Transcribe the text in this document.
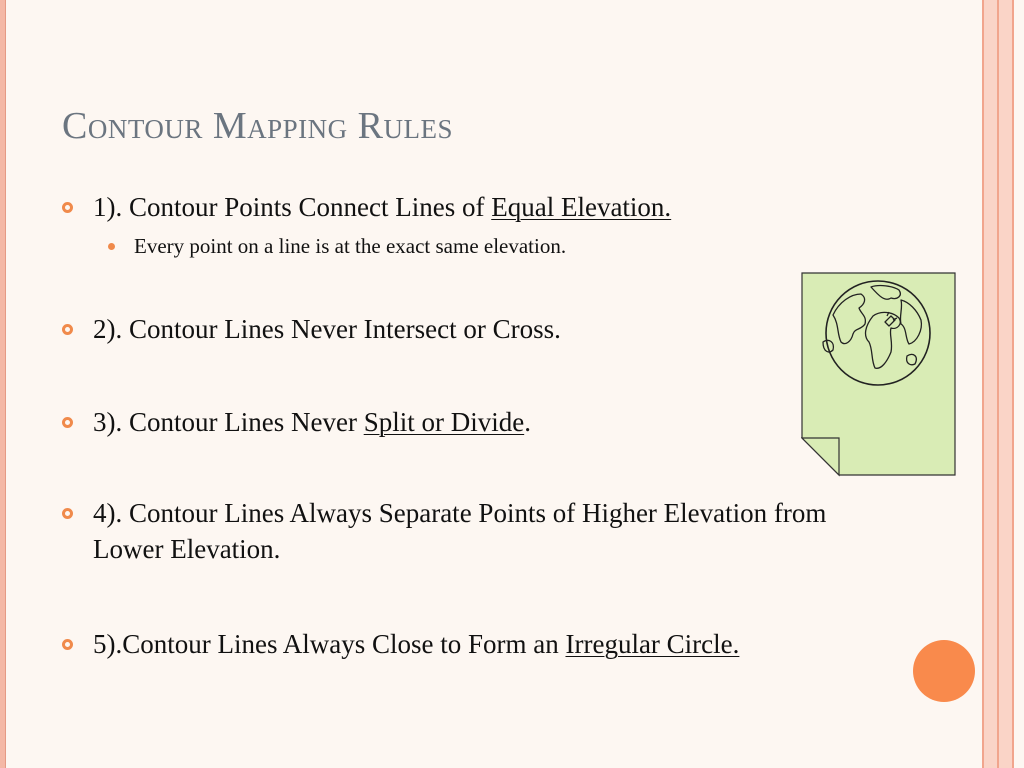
Contour Mapping Rules
1). Contour Points Connect Lines of Equal Elevation.
2). Contour Lines Never Intersect or Cross.
3). Contour Lines Never Split or Divide.
4). Contour Lines Always Separate Points of Higher Elevation from Lower Elevation.
5).Contour Lines Always Close to Form an Irregular Circle.
Every point on a line is at the exact same elevation.
